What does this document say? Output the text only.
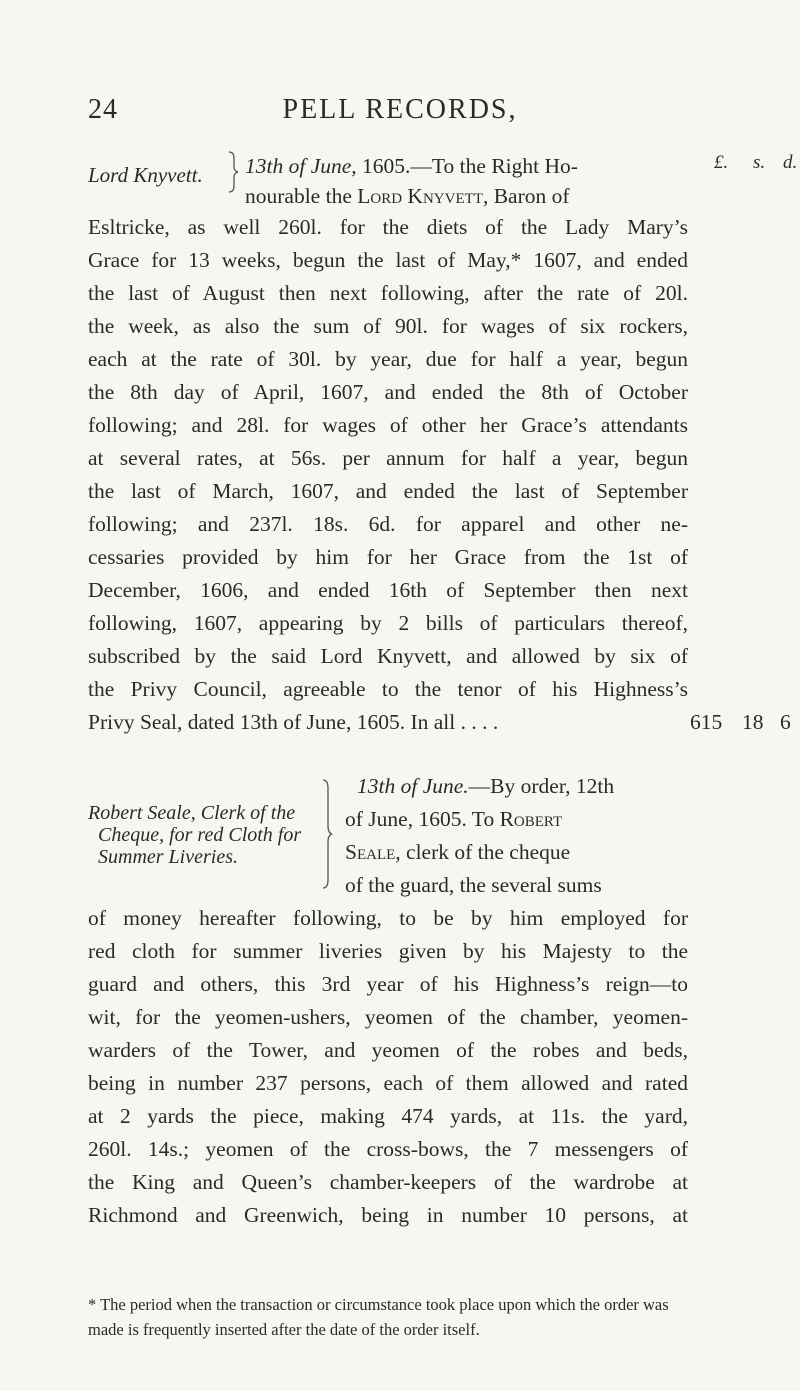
24	PELL RECORDS,
£. s. d.
Lord Knyvett. 13th of June, 1605.—To the Right Ho-
nourable the Lord Knyvett, Baron of
Esltricke, as well 260l. for the diets of the Lady Mary’s
Grace for 13 weeks, begun the last of May,* 1607, and ended
the last of August then next following, after the rate of 20l.
the week, as also the sum of 90l. for wages of six rockers,
each at the rate of 30l. by year, due for half a year, begun
the 8th day of April, 1607, and ended the 8th of October
following; and 28l. for wages of other her Grace’s attendants
at several rates, at 56s. per annum for half a year, begun
the last of March, 1607, and ended the last of September
following; and 237l. 18s. 6d. for apparel and other ne-
cessaries provided by him for her Grace from the 1st of
December, 1606, and ended 16th of September then next
following, 1607, appearing by 2 bills of particulars thereof,
subscribed by the said Lord Knyvett, and allowed by six of
the Privy Council, agreeable to the tenor of his Highness’s
Privy Seal, dated 13th of June, 1605. In all . . . .	615 18 6
Robert Seale, Clerk of the
Cheque, for red Cloth for
Summer Liveries.
13th of June.—By order, 12th
of June, 1605. To Robert
Seale, clerk of the cheque
of the guard, the several sums
of money hereafter following, to be by him employed for
red cloth for summer liveries given by his Majesty to the
guard and others, this 3rd year of his Highness’s reign—to
wit, for the yeomen-ushers, yeomen of the chamber, yeomen-
warders of the Tower, and yeomen of the robes and beds,
being in number 237 persons, each of them allowed and rated
at 2 yards the piece, making 474 yards, at 11s. the yard,
260l. 14s.; yeomen of the cross-bows, the 7 messengers of
the King and Queen’s chamber-keepers of the wardrobe at
Richmond and Greenwich, being in number 10 persons, at
* The period when the transaction or circumstance took place upon which the order was made is frequently inserted after the date of the order itself.
